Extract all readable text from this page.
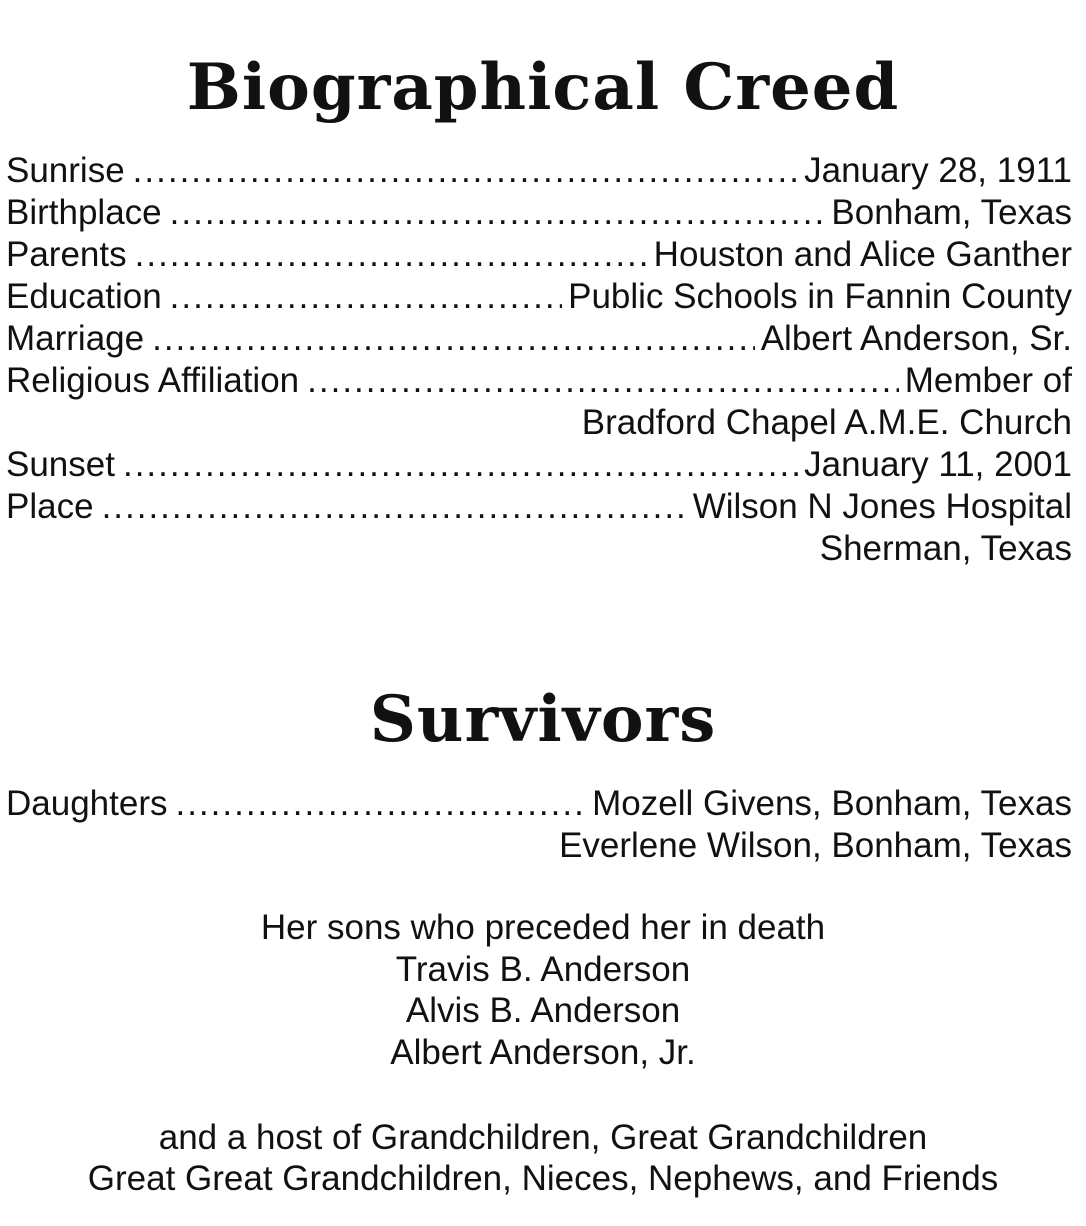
Biographical Creed
Sunrise .....	January 28, 1911
Birthplace .....	Bonham, Texas
Parents .....	Houston and Alice Ganther
Education .....	Public Schools in Fannin County
Marriage .....	Albert Anderson, Sr.
Religious Affiliation .....	Member of
Bradford Chapel A.M.E. Church
Sunset .....	January 11, 2001
Place .....	Wilson N Jones Hospital
Sherman, Texas
Survivors
Daughters .....	Mozell Givens, Bonham, Texas
Everlene Wilson, Bonham, Texas
Her sons who preceded her in death
Travis B. Anderson
Alvis B. Anderson
Albert Anderson, Jr.
and a host of Grandchildren, Great Grandchildren
Great Great Grandchildren, Nieces, Nephews, and Friends
